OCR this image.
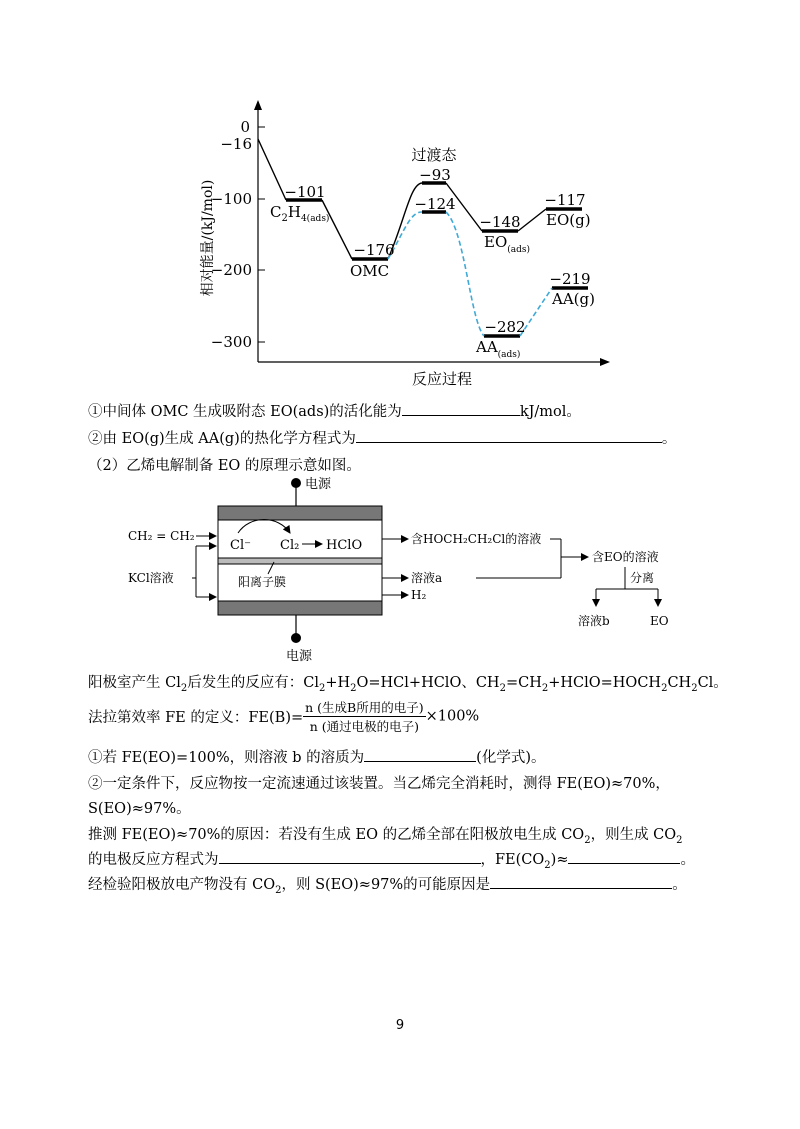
0
−16
−100
−200
−300
相对能量/(kJ/mol)
反应过程
−101
−176
−93
−124
−148
−117
−282
−219
$C_2H_{4(ads)}$
OMC
过渡态
$EO_{(ads)}$
EO(g)
$AA_{(ads)}$
AA(g)
电源
电源
CH₂ = CH₂
KCl溶液
Cl⁻ Cl₂ HClO
阳离子膜
含HOCH₂CH₂Cl的溶液
溶液a
H₂
含EO的溶液
分离
溶液b	EO
①中间体 OMC 生成吸附态 EO(ads)的活化能为	kJ/mol。
②由 EO(g)生成 AA(g)的热化学方程式为	。
（2）乙烯电解制备 EO 的原理示意如图。
阳极室产生 $Cl_2$后发生的反应有：$Cl_2+H_2O=HCl+HClO$、$CH_2=CH_2+HClO=HOCH_2CH_2Cl$。
法拉第效率 FE 的定义：$FE(B)= \frac{\text{n (生成B所用的电子)}}{\text{n (通过电极的电子)}} \times 100\%$
①若 FE(EO)=100%，则溶液 b 的溶质为	(化学式)。
②一定条件下，反应物按一定流速通过该装置。当乙烯完全消耗时，测得 FE(EO)≈70%，
S(EO)≈97%。
推测 FE(EO)≈70%的原因：若没有生成 EO 的乙烯全部在阳极放电生成 $CO_2$，则生成 $CO_2$
的电极反应方程式为	，$FE(CO_2)\approx$	。
经检验阳极放电产物没有 $CO_2$，则 S(EO)≈97%的可能原因是	。
9
